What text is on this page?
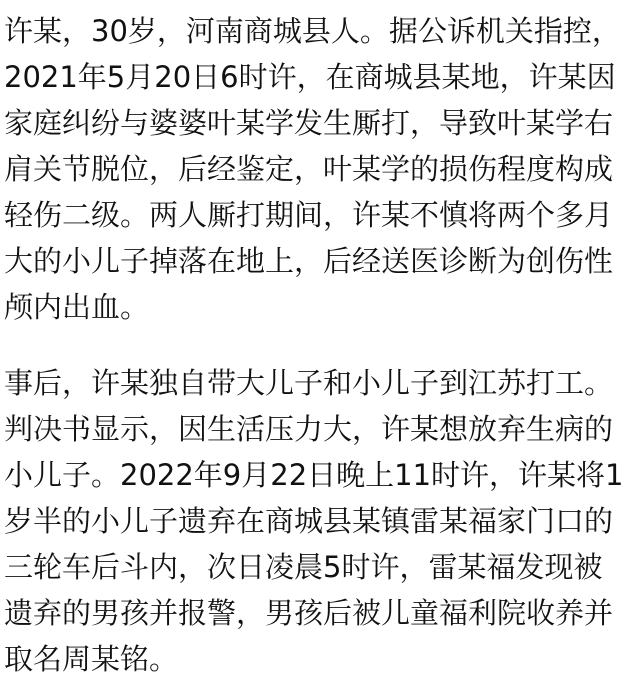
许某，30岁，河南商城县人。据公诉机关指控，
2021年5月20日6时许，在商城县某地，许某因
家庭纠纷与婆婆叶某学发生厮打，导致叶某学右
肩关节脱位，后经鉴定，叶某学的损伤程度构成
轻伤二级。两人厮打期间，许某不慎将两个多月
大的小儿子掉落在地上，后经送医诊断为创伤性
颅内出血。
事后，许某独自带大儿子和小儿子到江苏打工。
判决书显示，因生活压力大，许某想放弃生病的
小儿子。2022年9月22日晚上11时许，许某将1
岁半的小儿子遗弃在商城县某镇雷某福家门口的
三轮车后斗内，次日凌晨5时许，雷某福发现被
遗弃的男孩并报警，男孩后被儿童福利院收养并
取名周某铭。
